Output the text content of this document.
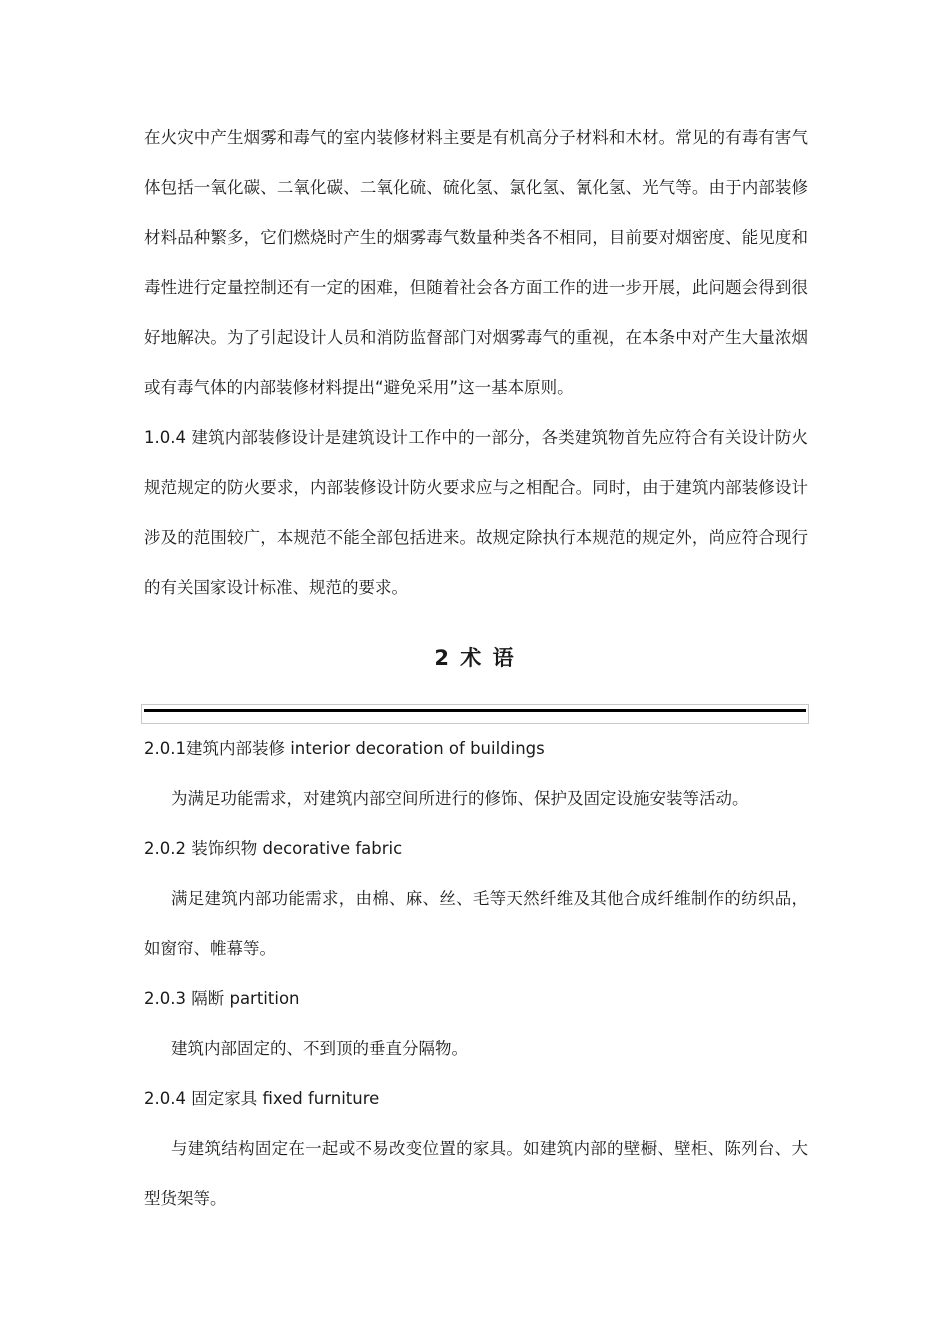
在火灾中产生烟雾和毒气的室内装修材料主要是有机高分子材料和木材。常见的有毒有害气
体包括一氧化碳、二氧化碳、二氧化硫、硫化氢、氯化氢、氰化氢、光气等。由于内部装修
材料品种繁多，它们燃烧时产生的烟雾毒气数量种类各不相同，目前要对烟密度、能见度和
毒性进行定量控制还有一定的困难，但随着社会各方面工作的进一步开展，此问题会得到很
好地解决。为了引起设计人员和消防监督部门对烟雾毒气的重视，在本条中对产生大量浓烟
或有毒气体的内部装修材料提出“避免采用”这一基本原则。
1.0.4 建筑内部装修设计是建筑设计工作中的一部分，各类建筑物首先应符合有关设计防火
规范规定的防火要求，内部装修设计防火要求应与之相配合。同时，由于建筑内部装修设计
涉及的范围较广，本规范不能全部包括进来。故规定除执行本规范的规定外，尚应符合现行
的有关国家设计标准、规范的要求。
2 术 语
2.0.1建筑内部装修 interior decoration of buildings
为满足功能需求，对建筑内部空间所进行的修饰、保护及固定设施安装等活动。
2.0.2 装饰织物 decorative fabric
满足建筑内部功能需求，由棉、麻、丝、毛等天然纤维及其他合成纤维制作的纺织品，
如窗帘、帷幕等。
2.0.3 隔断 partition
建筑内部固定的、不到顶的垂直分隔物。
2.0.4 固定家具 fixed furniture
与建筑结构固定在一起或不易改变位置的家具。如建筑内部的壁橱、壁柜、陈列台、大
型货架等。
